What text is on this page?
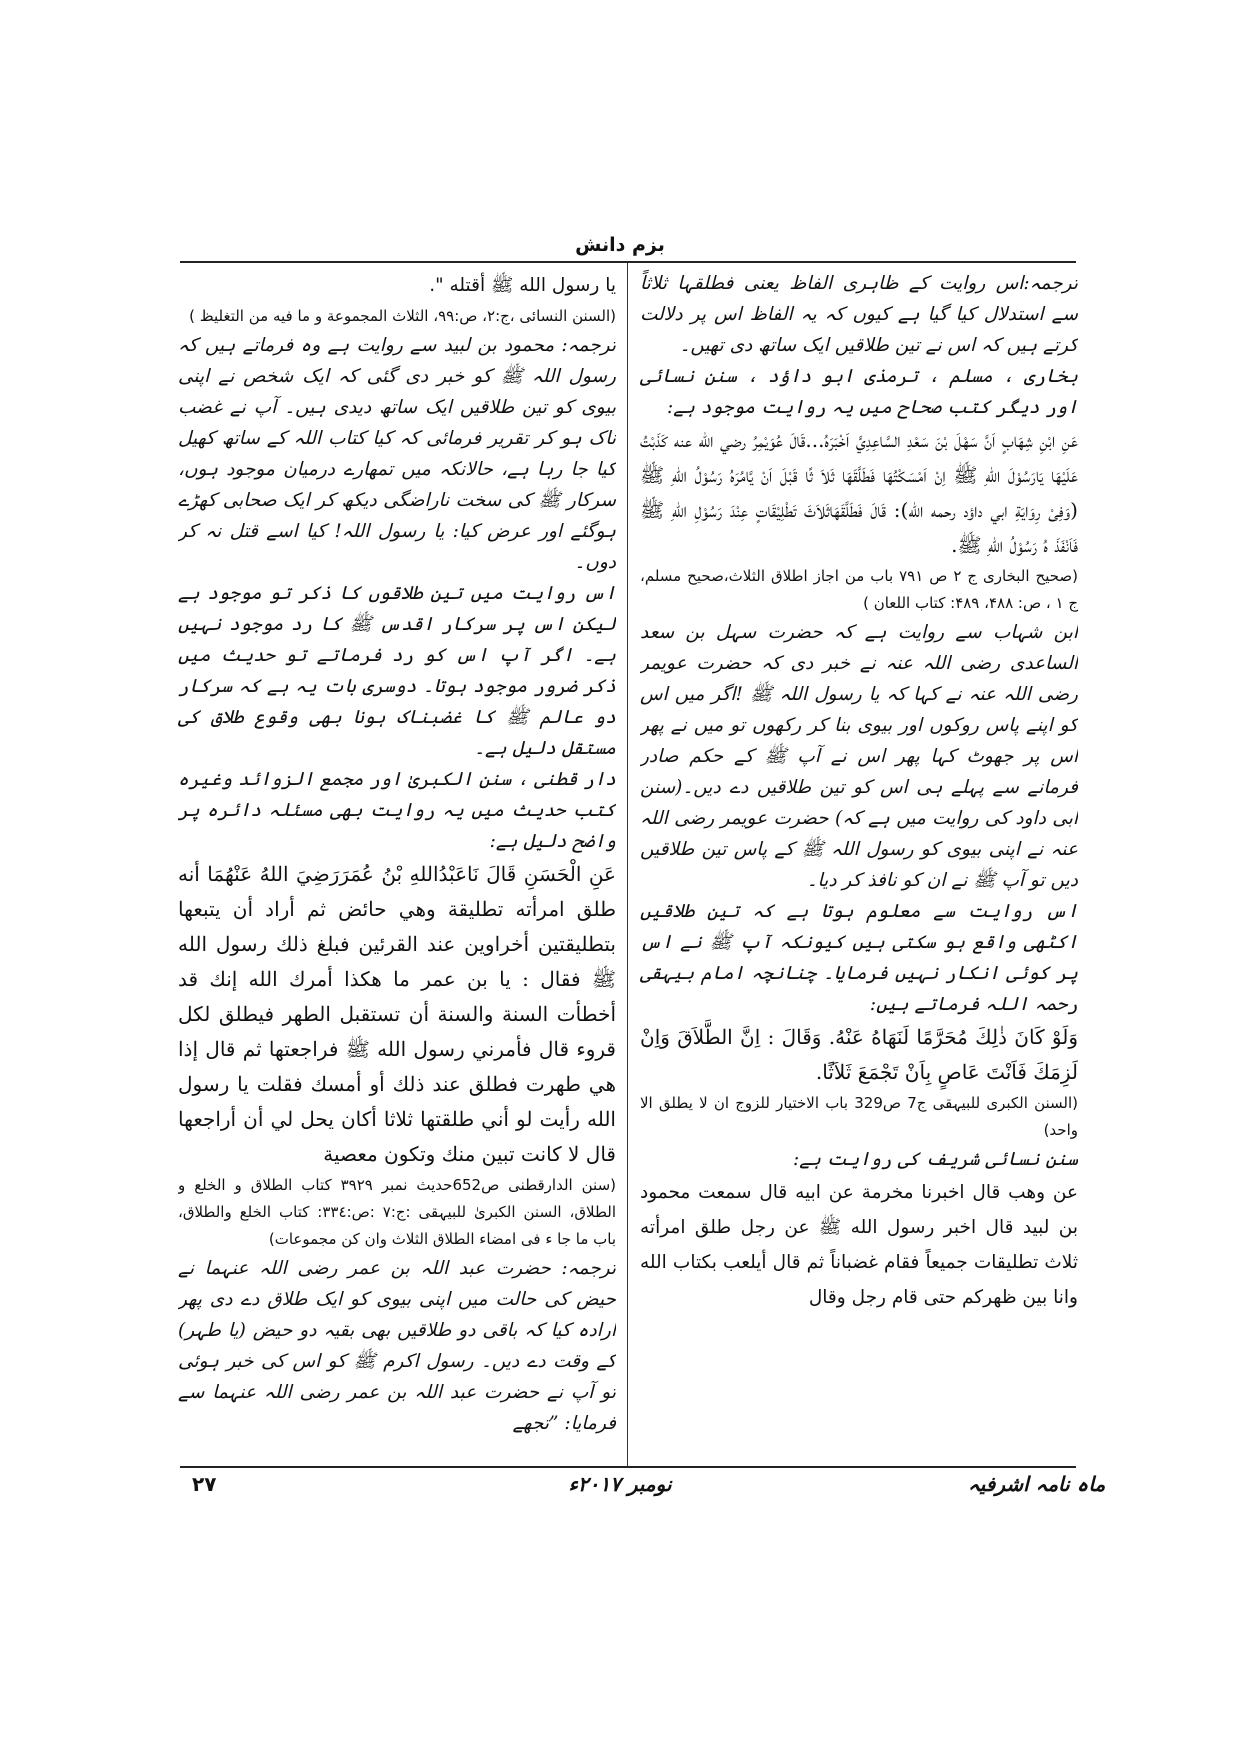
بزم دانش

ترجمہ:اس روایت کے ظاہری الفاظ یعنی فطلقہا ثلاثاً سے استدلال کیا گیا ہے کیوں کہ یہ الفاظ اس پر دلالت کرتے ہیں کہ اس نے تین طلاقیں ایک ساتھ دی تھیں۔

بخاری ، مسلم ، ترمذی ابو داؤد ، سنن نسائی اور دیگر کتب صحاح میں یہ روایت موجود ہے:

عَنِ ابْنِ شِهَابٍ اَنَّ سَهْلَ بْنَ سَعْدِ السَّاعِدِيَّ اَخْبَرَهُ...قَالَ عُوَيْمِرُ رضي الله عنه كَذَبْتُ عَلَيْهَا يَارَسُوْلَ اللهِ ﷺ اِنْ اَمْسَكْتُهَا فَطَلَّقَهَا ثَلاَ ثًا قَبْلَ اَنْ يَّامُرَهُ رَسُوْلُ اللهِ ﷺ (وَفِىْ رِوَايَةِ ابي داؤد رحمه الله): قَالَ فَطَلَّقَهَاثَلاَثَ تَطْلِيْقَاتٍ عِنْدَ رَسُوْلِ اللهِ ﷺ فَاَنْفَذَ هُ رَسُوْلُ اللهِ ﷺ.

(صحیح البخاری ج ۲ ص ۷۹۱ باب من اجاز اطلاق الثلاث،صحیح مسلم، ج ۱ ، ص: ۴۸۸، ۴۸۹: کتاب اللعان )

ابن شہاب سے روایت ہے کہ حضرت سہل بن سعد الساعدی رضی اللہ عنہ نے خبر دی کہ حضرت عویمر رضی اللہ عنہ نے کہا کہ یا رسول اللہ ﷺ !اگر میں اس کو اپنے پاس روکوں اور بیوی بنا کر رکھوں تو میں نے پھر اس پر جھوٹ کہا پھر اس نے آپ ﷺ کے حکم صادر فرمانے سے پہلے ہی اس کو تین طلاقیں دے دیں۔(سنن ابی داود کی روایت میں ہے کہ) حضرت عویمر رضی اللہ عنہ نے اپنی بیوی کو رسول اللہ ﷺ کے پاس تین طلاقیں دیں تو آپ ﷺ نے ان کو نافذ کر دیا۔

اس روایت سے معلوم ہوتا ہے کہ تین طلاقیں اکٹھی واقع ہو سکتی ہیں کیونکہ آپ ﷺ نے اس پر کوئی انکار نہیں فرمایا۔ چنانچہ امام بیہقی رحمہ اللہ فرماتے ہیں:

وَلَوْ كَانَ ذٰلِكَ مُحَرَّمًا لَنَهَاهُ عَنْهُ. وَقَالَ : اِنَّ الطَّلاَقَ وَاِنْ لَزِمَكَ فَاَنْتَ عَاصٍ بِاَنْ تَجْمَعَ ثَلاَثًا.

(السنن الکبری للبیہقی ج7 ص329 باب الاختیار للزوج ان لا یطلق الا واحد)

سنن نسائی شریف کی روایت ہے:

عن وهب قال اخبرنا مخرمة عن ابيه قال سمعت محمود بن لبيد قال اخبر رسول الله ﷺ عن رجل طلق امرأته ثلاث تطليقات جميعاً فقام غضباناً ثم قال أيلعب بكتاب الله وانا بين ظهركم حتى قام رجل وقال

يا رسول الله ﷺ أقتله ".

(السنن النسائی ،ج:۲، ص:۹۹، الثلاث المجموعة و ما فيه من التغليظ )

ترجمہ: محمود بن لبید سے روایت ہے وہ فرماتے ہیں کہ رسول اللہ ﷺ کو خبر دی گئی کہ ایک شخص نے اپنی بیوی کو تین طلاقیں ایک ساتھ دیدی ہیں۔ آپ نے غضب ناک ہو کر تقریر فرمائی کہ کیا کتاب اللہ کے ساتھ کھیل کیا جا رہا ہے، حالانکہ میں تمھارے درمیان موجود ہوں، سرکار ﷺ کی سخت ناراضگی دیکھ کر ایک صحابی کھڑے ہوگئے اور عرض کیا: یا رسول اللہ! کیا اسے قتل نہ کر دوں۔

اس روایت میں تین طلاقوں کا ذکر تو موجود ہے لیکن اس پر سرکار اقدس ﷺ کا رد موجود نہیں ہے۔ اگر آپ اس کو رد فرماتے تو حدیث میں ذکر ضرور موجود ہوتا۔ دوسری بات یہ ہے کہ سرکار دو عالم ﷺ کا غضبناک ہونا بھی وقوع طلاق کی مستقل دلیل ہے۔

دار قطنی ، سنن الکبریٰ اور مجمع الزوائد وغیرہ کتب حدیث میں یہ روایت بھی مسئلہ دائرہ پر واضح دلیل ہے:

عَنِ الْحَسَنِ قَالَ نَاعَبْدُاللهِ بْنُ عُمَرَرَضِيَ اللهُ عَنْهُمَا أنه طلق امرأته تطليقة وهي حائض ثم أراد أن يتبعها بتطليقتين أخراوين عند القرئين فبلغ ذلك رسول الله ﷺ فقال : يا بن عمر ما هكذا أمرك الله إنك قد أخطأت السنة والسنة أن تستقبل الطهر فيطلق لكل قروء قال فأمرني رسول الله ﷺ فراجعتها ثم قال إذا هي طهرت فطلق عند ذلك أو أمسك فقلت يا رسول الله رأيت لو أني طلقتها ثلاثا أكان يحل لي أن أراجعها قال لا كانت تبين منك وتكون معصية

(سنن الدارقطنی ص652حدیث نمبر ۳۹۲۹ کتاب الطلاق و الخلع و الطلاق، السنن الکبریٰ للبیہقی :ج:۷ :ص:۳۳٤: کتاب الخلع والطلاق، باب ما جا ء فی امضاء الطلاق الثلاث وان کن مجموعات)

ترجمہ: حضرت عبد اللہ بن عمر رضی اللہ عنہما نے حیض کی حالت میں اپنی بیوی کو ایک طلاق دے دی پھر ارادہ کیا کہ باقی دو طلاقیں بھی بقیہ دو حیض (یا طہر) کے وقت دے دیں۔ رسول اکرم ﷺ کو اس کی خبر ہوئی تو آپ نے حضرت عبد اللہ بن عمر رضی اللہ عنہما سے فرمایا: ”تجھے

ماہ نامہ اشرفیہ
نومبر ۲۰۱۷ء
۲۷
